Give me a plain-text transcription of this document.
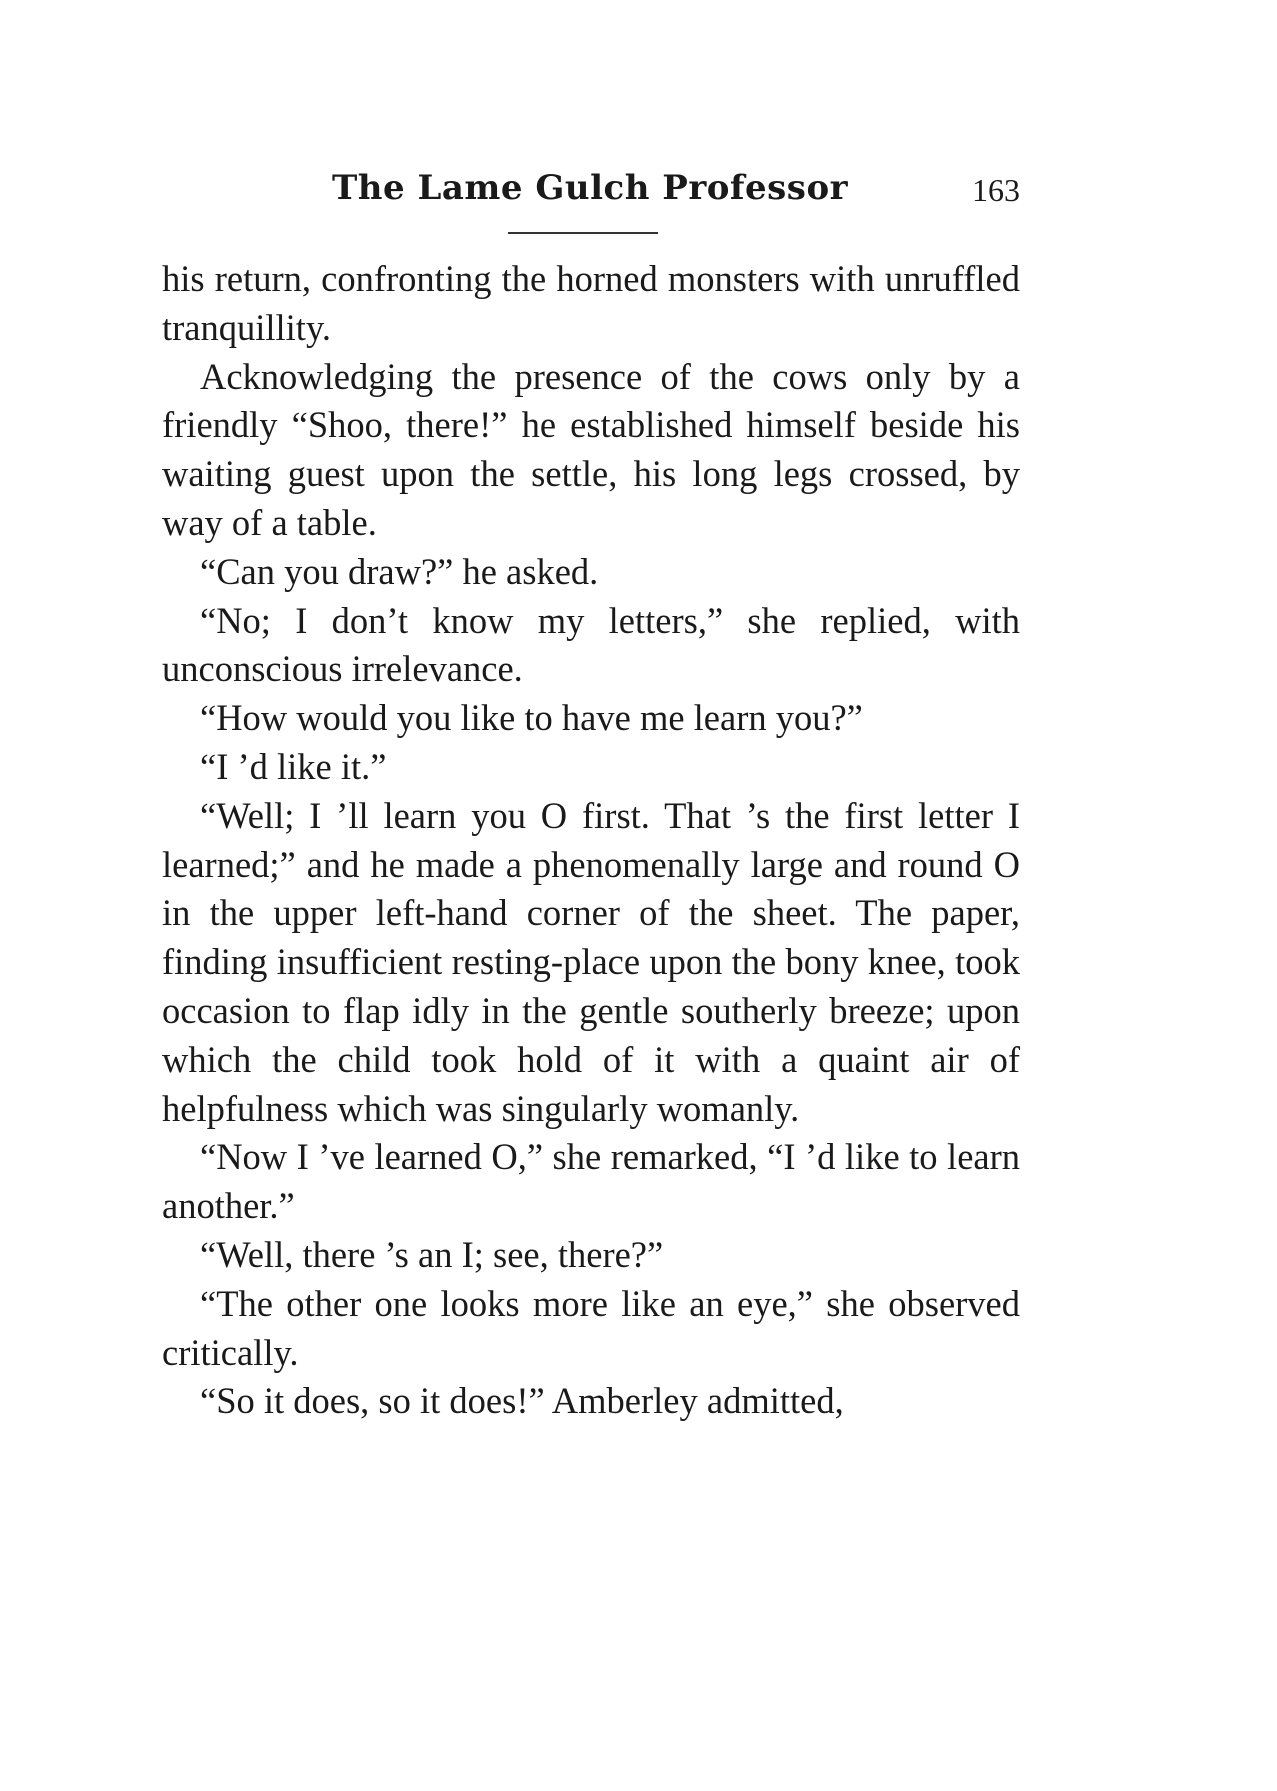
The Lame Gulch Professor	163

his return, confronting the horned monsters with unruffled tranquillity.

Acknowledging the presence of the cows only by a friendly “Shoo, there!” he established himself beside his waiting guest upon the settle, his long legs crossed, by way of a table.

“Can you draw?” he asked.

“No; I don’t know my letters,” she replied, with unconscious irrelevance.

“How would you like to have me learn you?”

“I ’d like it.”

“Well; I ’ll learn you O first. That ’s the first letter I learned;” and he made a phenomenally large and round O in the upper left-hand corner of the sheet. The paper, finding insufficient resting-place upon the bony knee, took occasion to flap idly in the gentle southerly breeze; upon which the child took hold of it with a quaint air of helpfulness which was singularly womanly.

“Now I ’ve learned O,” she remarked, “I ’d like to learn another.”

“Well, there ’s an I; see, there?”

“The other one looks more like an eye,” she observed critically.

“So it does, so it does!” Amberley admitted,
